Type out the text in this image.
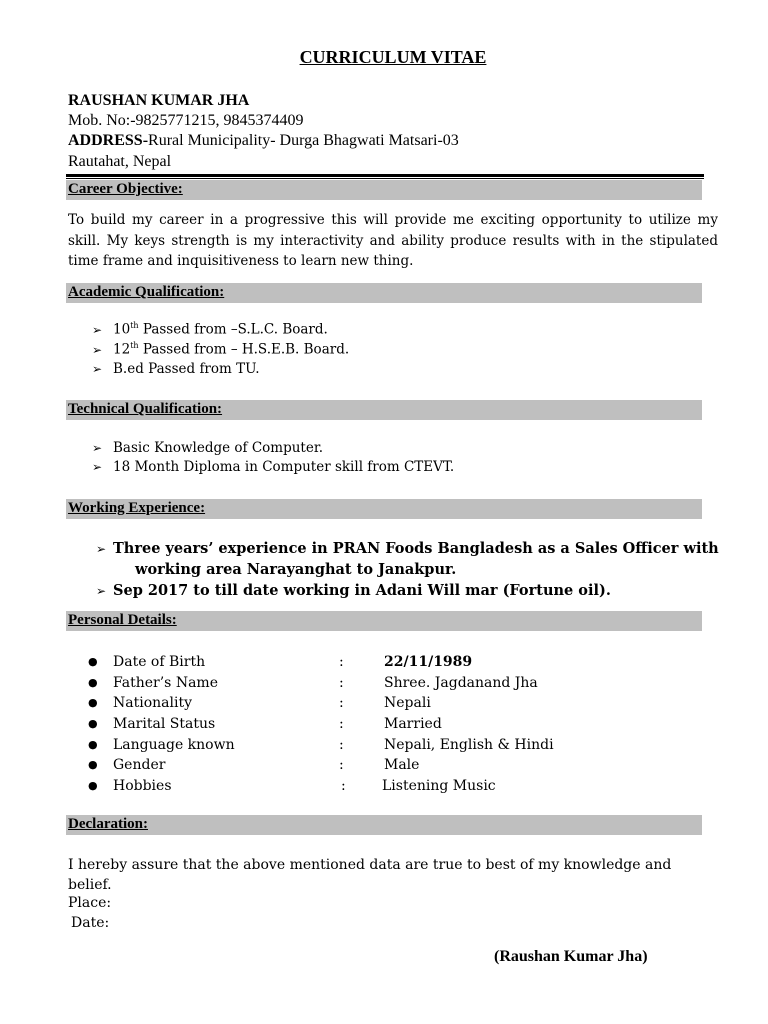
CURRICULUM VITAE
RAUSHAN KUMAR JHA
Mob. No:-9825771215, 9845374409
ADDRESS-Rural Municipality- Durga Bhagwati Matsari-03
Rautahat, Nepal
Career Objective:
To build my career in a progressive this will provide me exciting opportunity to utilize my skill. My keys strength is my interactivity and ability produce results with in the stipulated time frame and inquisitiveness to learn new thing.
Academic Qualification:
➢ 10th Passed from –S.L.C. Board.
➢ 12th Passed from – H.S.E.B. Board.
➢ B.ed Passed from TU.
Technical Qualification:
➢ Basic Knowledge of Computer.
➢ 18 Month Diploma in Computer skill from CTEVT.
Working Experience:
➢ Three years’ experience in PRAN Foods Bangladesh as a Sales Officer with
working area Narayanghat to Janakpur.
➢ Sep 2017 to till date working in Adani Will mar (Fortune oil).
Personal Details:
● Date of Birth	:	22/11/1989
● Father’s Name	:	Shree. Jagdanand Jha
● Nationality	:	Nepali
● Marital Status	:	Married
● Language known	:	Nepali, English & Hindi
● Gender	:	Male
● Hobbies	:	Listening Music
Declaration:
I hereby assure that the above mentioned data are true to best of my knowledge and
belief.
Place:
Date:
(Raushan Kumar Jha)
